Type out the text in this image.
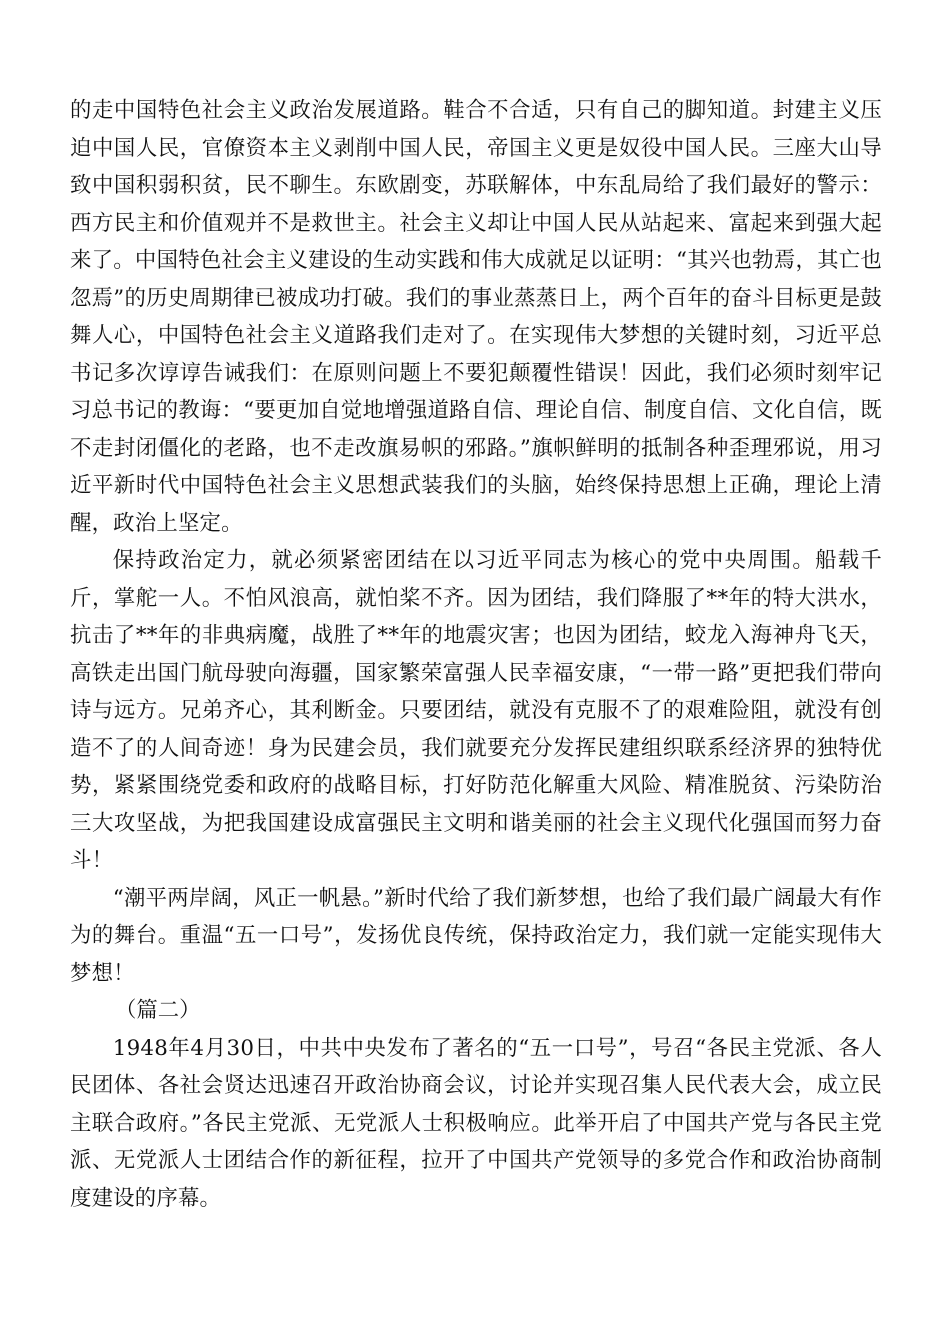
的走中国特色社会主义政治发展道路。鞋合不合适，只有自己的脚知道。封建主义压迫中国人民，官僚资本主义剥削中国人民，帝国主义更是奴役中国人民。三座大山导致中国积弱积贫，民不聊生。东欧剧变，苏联解体，中东乱局给了我们最好的警示：西方民主和价值观并不是救世主。社会主义却让中国人民从站起来、富起来到强大起来了。中国特色社会主义建设的生动实践和伟大成就足以证明：“其兴也勃焉，其亡也忽焉”的历史周期律已被成功打破。我们的事业蒸蒸日上，两个百年的奋斗目标更是鼓舞人心，中国特色社会主义道路我们走对了。在实现伟大梦想的关键时刻，习近平总书记多次谆谆告诫我们：在原则问题上不要犯颠覆性错误！因此，我们必须时刻牢记习总书记的教诲：“要更加自觉地增强道路自信、理论自信、制度自信、文化自信，既不走封闭僵化的老路，也不走改旗易帜的邪路。”旗帜鲜明的抵制各种歪理邪说，用习近平新时代中国特色社会主义思想武装我们的头脑，始终保持思想上正确，理论上清醒，政治上坚定。

保持政治定力，就必须紧密团结在以习近平同志为核心的党中央周围。船载千斤，掌舵一人。不怕风浪高，就怕桨不齐。因为团结，我们降服了**年的特大洪水，抗击了**年的非典病魔，战胜了**年的地震灾害；也因为团结，蛟龙入海神舟飞天，高铁走出国门航母驶向海疆，国家繁荣富强人民幸福安康，“一带一路”更把我们带向诗与远方。兄弟齐心，其利断金。只要团结，就没有克服不了的艰难险阻，就没有创造不了的人间奇迹！身为民建会员，我们就要充分发挥民建组织联系经济界的独特优势，紧紧围绕党委和政府的战略目标，打好防范化解重大风险、精准脱贫、污染防治三大攻坚战，为把我国建设成富强民主文明和谐美丽的社会主义现代化强国而努力奋斗！

“潮平两岸阔，风正一帆悬。”新时代给了我们新梦想，也给了我们最广阔最大有作为的舞台。重温“五一口号”，发扬优良传统，保持政治定力，我们就一定能实现伟大梦想！

（篇二）

1948年4月30日，中共中央发布了著名的“五一口号”，号召“各民主党派、各人民团体、各社会贤达迅速召开政治协商会议，讨论并实现召集人民代表大会，成立民主联合政府。”各民主党派、无党派人士积极响应。此举开启了中国共产党与各民主党派、无党派人士团结合作的新征程，拉开了中国共产党领导的多党合作和政治协商制度建设的序幕。
